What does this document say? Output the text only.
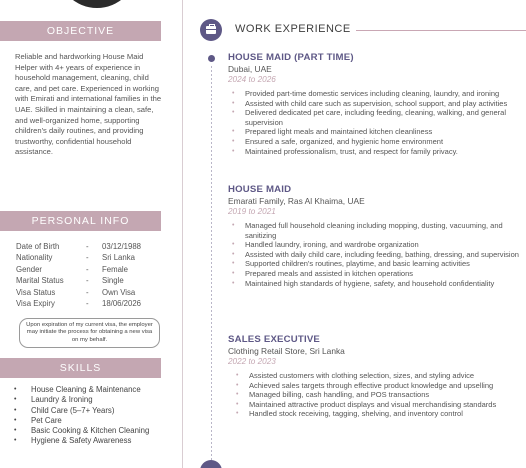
OBJECTIVE

Reliable and hardworking House Maid Helper with 4+ years of experience in household management, cleaning, child care, and pet care. Experienced in working with Emirati and international families in the UAE. Skilled in maintaining a clean, safe, and well-organized home, supporting children's daily routines, and providing trustworthy, confidential household assistance.

PERSONAL INFO
Date of Birth	- 03/12/1988
Nationality	- Sri Lanka
Gender	- Female
Marital Status	- Single
Visa Status	- Own Visa
Visa Expiry	- 18/06/2026
Upon expiration of my current visa, the employer may initiate the process for obtaining a new visa on my behalf.
SKILLS
• House Cleaning & Maintenance
• Laundry & Ironing
• Child Care (5–7+ Years)
• Pet Care
• Basic Cooking & Kitchen Cleaning
• Hygiene & Safety Awareness
WORK EXPERIENCE
HOUSE MAID (PART TIME)
Dubai, UAE
2024 to 2026
• Provided part-time domestic services including cleaning, laundry, and ironing
• Assisted with child care such as supervision, school support, and play activities
• Delivered dedicated pet care, including feeding, cleaning, walking, and general supervision
• Prepared light meals and maintained kitchen cleanliness
• Ensured a safe, organized, and hygienic home environment
• Maintained professionalism, trust, and respect for family privacy.
HOUSE MAID
Emarati Family, Ras Al Khaima, UAE
2019 to 2021
• Managed full household cleaning including mopping, dusting, vacuuming, and sanitizing
• Handled laundry, ironing, and wardrobe organization
• Assisted with daily child care, including feeding, bathing, dressing, and supervision
• Supported children's routines, playtime, and basic learning activities
• Prepared meals and assisted in kitchen operations
• Maintained high standards of hygiene, safety, and household confidentiality
SALES EXECUTIVE
Clothing Retail Store, Sri Lanka
2022 to 2023
• Assisted customers with clothing selection, sizes, and styling advice
• Achieved sales targets through effective product knowledge and upselling
• Managed billing, cash handling, and POS transactions
• Maintained attractive product displays and visual merchandising standards
• Handled stock receiving, tagging, shelving, and inventory control
